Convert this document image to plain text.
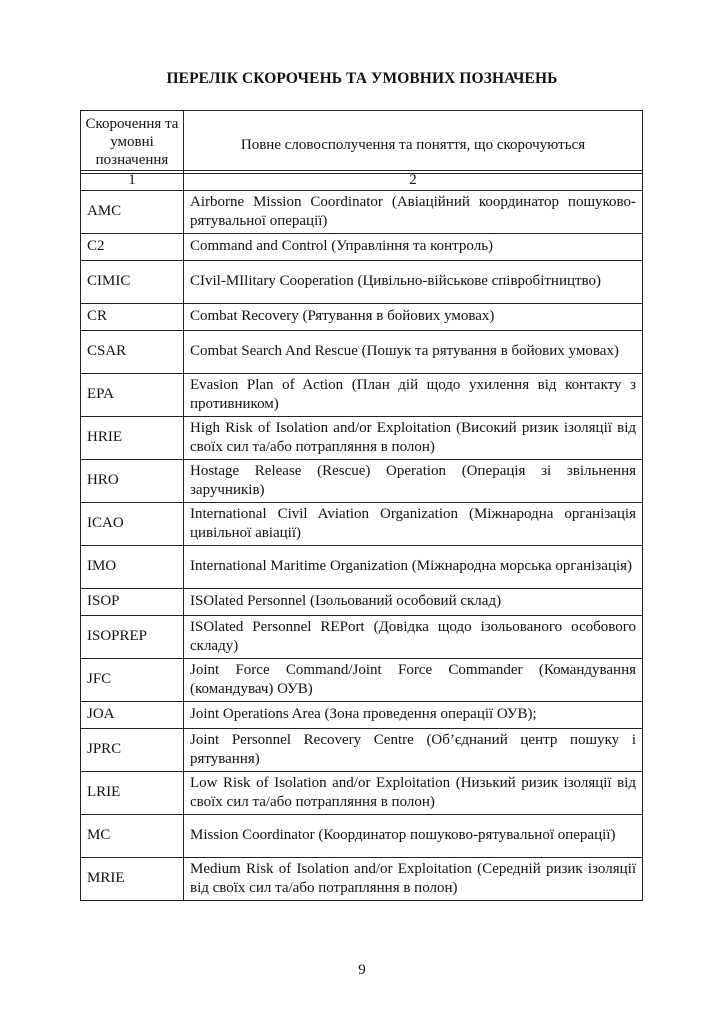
ПЕРЕЛІК СКОРОЧЕНЬ ТА УМОВНИХ ПОЗНАЧЕНЬ
Скорочення та умовні позначення	Повне словосполучення та поняття, що скорочуються
1	2
AMC	Airborne Mission Coordinator (Авіаційний координатор пошуково-рятувальної операції)
C2	Command and Control (Управління та контроль)
CIMIC	CIvil-MIlitary Cooperation (Цивільно-військове співробітництво)
CR	Combat Recovery (Рятування в бойових умовах)
CSAR	Combat Search And Rescue (Пошук та рятування в бойових умовах)
EPA	Evasion Plan of Action (План дій щодо ухилення від контакту з противником)
HRIE	High Risk of Isolation and/or Exploitation (Високий ризик ізоляції від своїх сил та/або потрапляння в полон)
HRO	Hostage Release (Rescue) Operation (Операція зі звільнення заручників)
ICAO	International Civil Aviation Organization (Міжнародна організація цивільної авіації)
IMO	International Maritime Organization (Міжнародна морська організація)
ISOP	ISOlated Personnel (Ізольований особовий склад)
ISOPREP	ISOlated Personnel REPort (Довідка щодо ізольованого особового складу)
JFC	Joint Force Command/Joint Force Commander (Командування (командувач) ОУВ)
JOA	Joint Operations Area (Зона проведення операції ОУВ);
JPRC	Joint Personnel Recovery Centre (Об’єднаний центр пошуку і рятування)
LRIE	Low Risk of Isolation and/or Exploitation (Низький ризик ізоляції від своїх сил та/або потрапляння в полон)
MC	Mission Coordinator (Координатор пошуково-рятувальної операції)
MRIE	Medium Risk of Isolation and/or Exploitation (Середній ризик ізоляції від своїх сил та/або потрапляння в полон)
9
